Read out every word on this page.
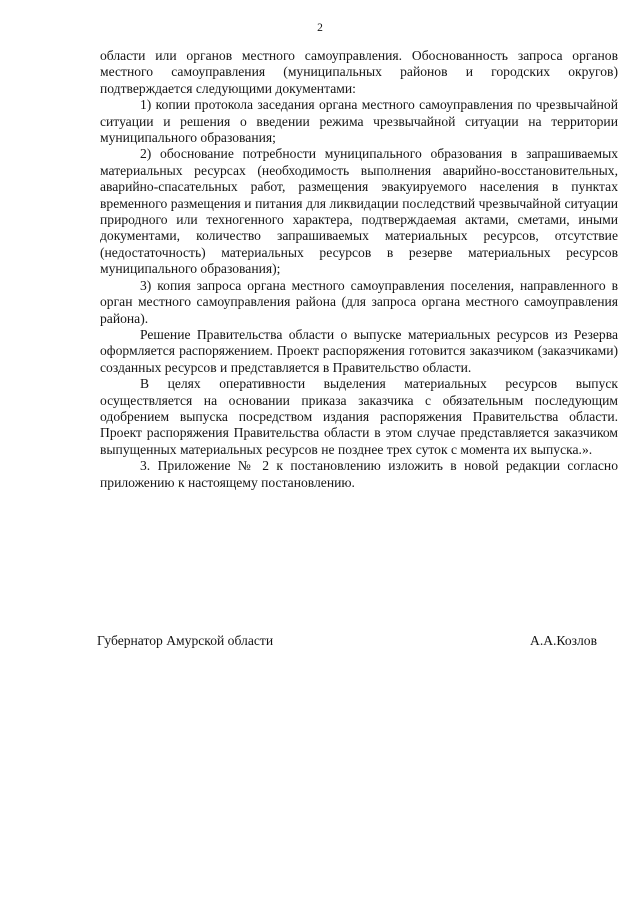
2

области или органов местного самоуправления. Обоснованность запроса органов местного самоуправления (муниципальных районов и городских округов) подтверждается следующими документами:

1) копии протокола заседания органа местного самоуправления по чрезвычайной ситуации и решения о введении режима чрезвычайной ситуации на территории муниципального образования;

2) обоснование потребности муниципального образования в запрашиваемых материальных ресурсах (необходимость выполнения аварийно-восстановительных, аварийно-спасательных работ, размещения эвакуируемого населения в пунктах временного размещения и питания для ликвидации последствий чрезвычайной ситуации природного или техногенного характера, подтверждаемая актами, сметами, иными документами, количество запрашиваемых материальных ресурсов, отсутствие (недостаточность) материальных ресурсов в резерве материальных ресурсов муниципального образования);

3) копия запроса органа местного самоуправления поселения, направленного в орган местного самоуправления района (для запроса органа местного самоуправления района).

Решение Правительства области о выпуске материальных ресурсов из Резерва оформляется распоряжением. Проект распоряжения готовится заказчиком (заказчиками) созданных ресурсов и представляется в Правительство области.

В целях оперативности выделения материальных ресурсов выпуск осуществляется на основании приказа заказчика с обязательным последующим одобрением выпуска посредством издания распоряжения Правительства области. Проект распоряжения Правительства области в этом случае представляется заказчиком выпущенных материальных ресурсов не позднее трех суток с момента их выпуска.».

3. Приложение № 2 к постановлению изложить в новой редакции согласно приложению к настоящему постановлению.

Губернатор Амурской области	А.А.Козлов
